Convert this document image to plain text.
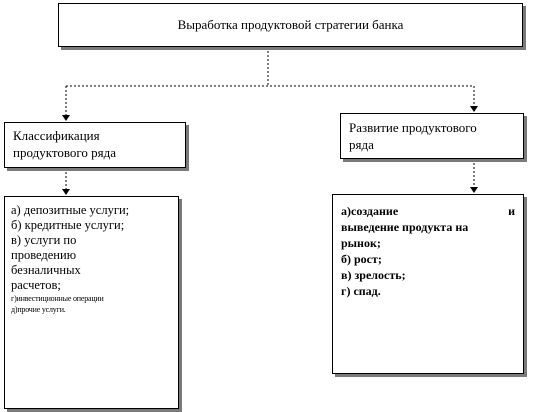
Выработка продуктовой стратегии банка
Классификация
продуктового ряда
Развитие продуктового
ряда
а) депозитные услуги;
б) кредитные услуги;
в) услуги по
проведению
безналичных
расчетов;
г)инвестиционные операции
д)прочие услуги.
а)создание	и
выведение продукта на
рынок;
б) рост;
в) зрелость;
г) спад.
